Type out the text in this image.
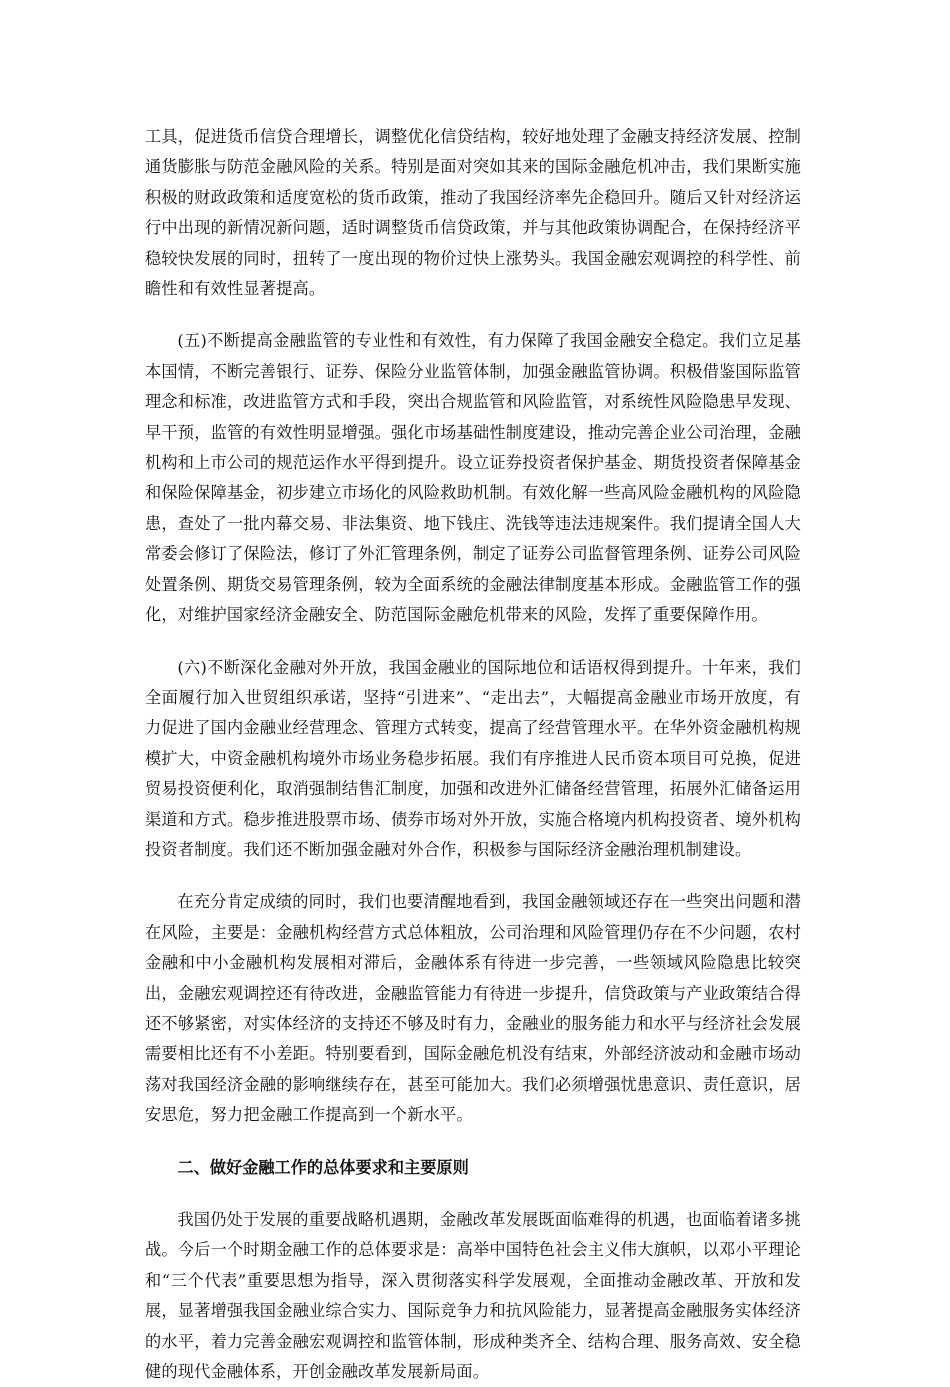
工具，促进货币信贷合理增长，调整优化信贷结构，较好地处理了金融支持经济发展、控制通货膨胀与防范金融风险的关系。特别是面对突如其来的国际金融危机冲击，我们果断实施积极的财政政策和适度宽松的货币政策，推动了我国经济率先企稳回升。随后又针对经济运行中出现的新情况新问题，适时调整货币信贷政策，并与其他政策协调配合，在保持经济平稳较快发展的同时，扭转了一度出现的物价过快上涨势头。我国金融宏观调控的科学性、前瞻性和有效性显著提高。

(五)不断提高金融监管的专业性和有效性，有力保障了我国金融安全稳定。我们立足基本国情，不断完善银行、证券、保险分业监管体制，加强金融监管协调。积极借鉴国际监管理念和标准，改进监管方式和手段，突出合规监管和风险监管，对系统性风险隐患早发现、早干预，监管的有效性明显增强。强化市场基础性制度建设，推动完善企业公司治理，金融机构和上市公司的规范运作水平得到提升。设立证券投资者保护基金、期货投资者保障基金和保险保障基金，初步建立市场化的风险救助机制。有效化解一些高风险金融机构的风险隐患，查处了一批内幕交易、非法集资、地下钱庄、洗钱等违法违规案件。我们提请全国人大常委会修订了保险法，修订了外汇管理条例，制定了证券公司监督管理条例、证券公司风险处置条例、期货交易管理条例，较为全面系统的金融法律制度基本形成。金融监管工作的强化，对维护国家经济金融安全、防范国际金融危机带来的风险，发挥了重要保障作用。

(六)不断深化金融对外开放，我国金融业的国际地位和话语权得到提升。十年来，我们全面履行加入世贸组织承诺，坚持“引进来”、“走出去”，大幅提高金融业市场开放度，有力促进了国内金融业经营理念、管理方式转变，提高了经营管理水平。在华外资金融机构规模扩大，中资金融机构境外市场业务稳步拓展。我们有序推进人民币资本项目可兑换，促进贸易投资便利化，取消强制结售汇制度，加强和改进外汇储备经营管理，拓展外汇储备运用渠道和方式。稳步推进股票市场、债券市场对外开放，实施合格境内机构投资者、境外机构投资者制度。我们还不断加强金融对外合作，积极参与国际经济金融治理机制建设。

在充分肯定成绩的同时，我们也要清醒地看到，我国金融领域还存在一些突出问题和潜在风险，主要是：金融机构经营方式总体粗放，公司治理和风险管理仍存在不少问题，农村金融和中小金融机构发展相对滞后，金融体系有待进一步完善，一些领域风险隐患比较突出，金融宏观调控还有待改进，金融监管能力有待进一步提升，信贷政策与产业政策结合得还不够紧密，对实体经济的支持还不够及时有力，金融业的服务能力和水平与经济社会发展需要相比还有不小差距。特别要看到，国际金融危机没有结束，外部经济波动和金融市场动荡对我国经济金融的影响继续存在，甚至可能加大。我们必须增强忧患意识、责任意识，居安思危，努力把金融工作提高到一个新水平。

二、做好金融工作的总体要求和主要原则

我国仍处于发展的重要战略机遇期，金融改革发展既面临难得的机遇，也面临着诸多挑战。今后一个时期金融工作的总体要求是：高举中国特色社会主义伟大旗帜，以邓小平理论和“三个代表”重要思想为指导，深入贯彻落实科学发展观，全面推动金融改革、开放和发展，显著增强我国金融业综合实力、国际竞争力和抗风险能力，显著提高金融服务实体经济的水平，着力完善金融宏观调控和监管体制，形成种类齐全、结构合理、服务高效、安全稳健的现代金融体系，开创金融改革发展新局面。
